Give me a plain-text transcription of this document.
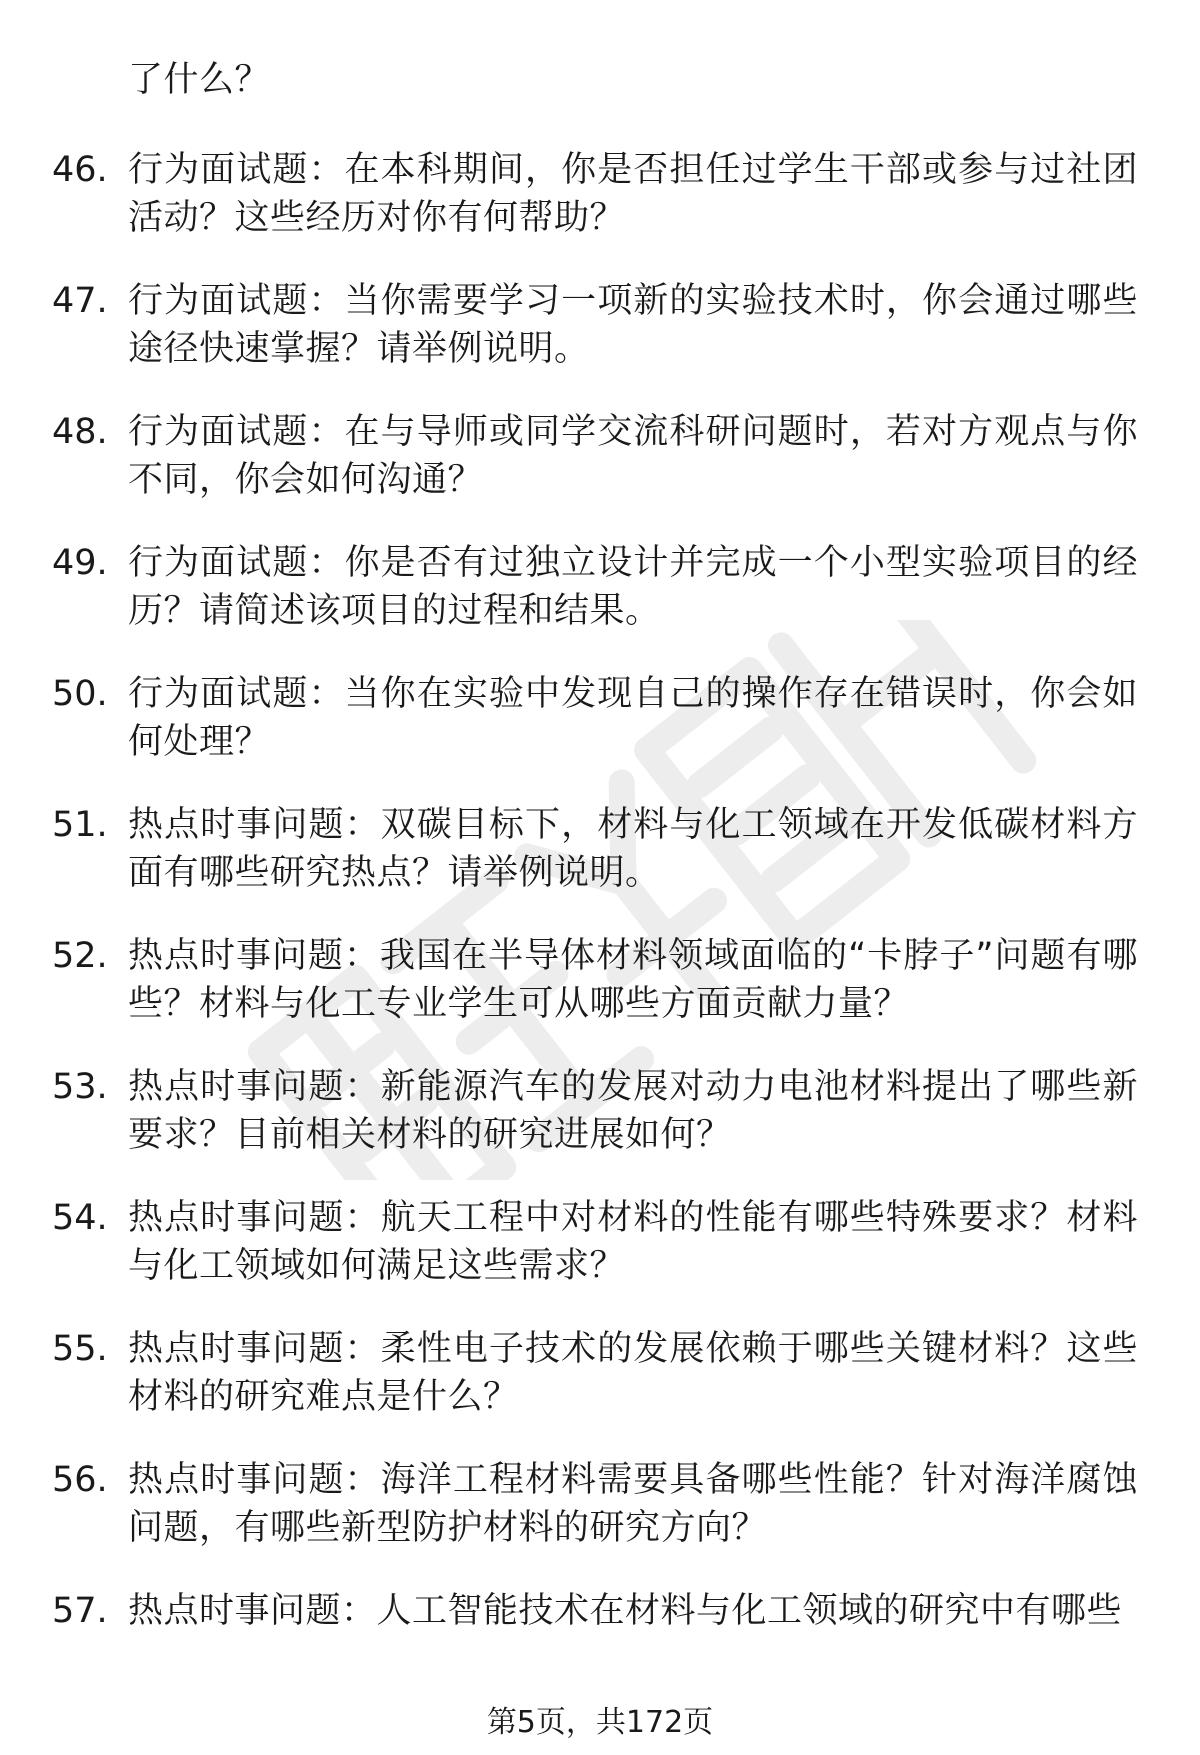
了什么？
46. 行为面试题：在本科期间，你是否担任过学生干部或参与过社团活动？这些经历对你有何帮助？
47. 行为面试题：当你需要学习一项新的实验技术时，你会通过哪些途径快速掌握？请举例说明。
48. 行为面试题：在与导师或同学交流科研问题时，若对方观点与你不同，你会如何沟通？
49. 行为面试题：你是否有过独立设计并完成一个小型实验项目的经历？请简述该项目的过程和结果。
50. 行为面试题：当你在实验中发现自己的操作存在错误时，你会如何处理？
51. 热点时事问题：双碳目标下，材料与化工领域在开发低碳材料方面有哪些研究热点？请举例说明。
52. 热点时事问题：我国在半导体材料领域面临的“卡脖子”问题有哪些？材料与化工专业学生可从哪些方面贡献力量？
53. 热点时事问题：新能源汽车的发展对动力电池材料提出了哪些新要求？目前相关材料的研究进展如何？
54. 热点时事问题：航天工程中对材料的性能有哪些特殊要求？材料与化工领域如何满足这些需求？
55. 热点时事问题：柔性电子技术的发展依赖于哪些关键材料？这些材料的研究难点是什么？
56. 热点时事问题：海洋工程材料需要具备哪些性能？针对海洋腐蚀问题，有哪些新型防护材料的研究方向？
57. 热点时事问题：人工智能技术在材料与化工领域的研究中有哪些
第5页，共172页
